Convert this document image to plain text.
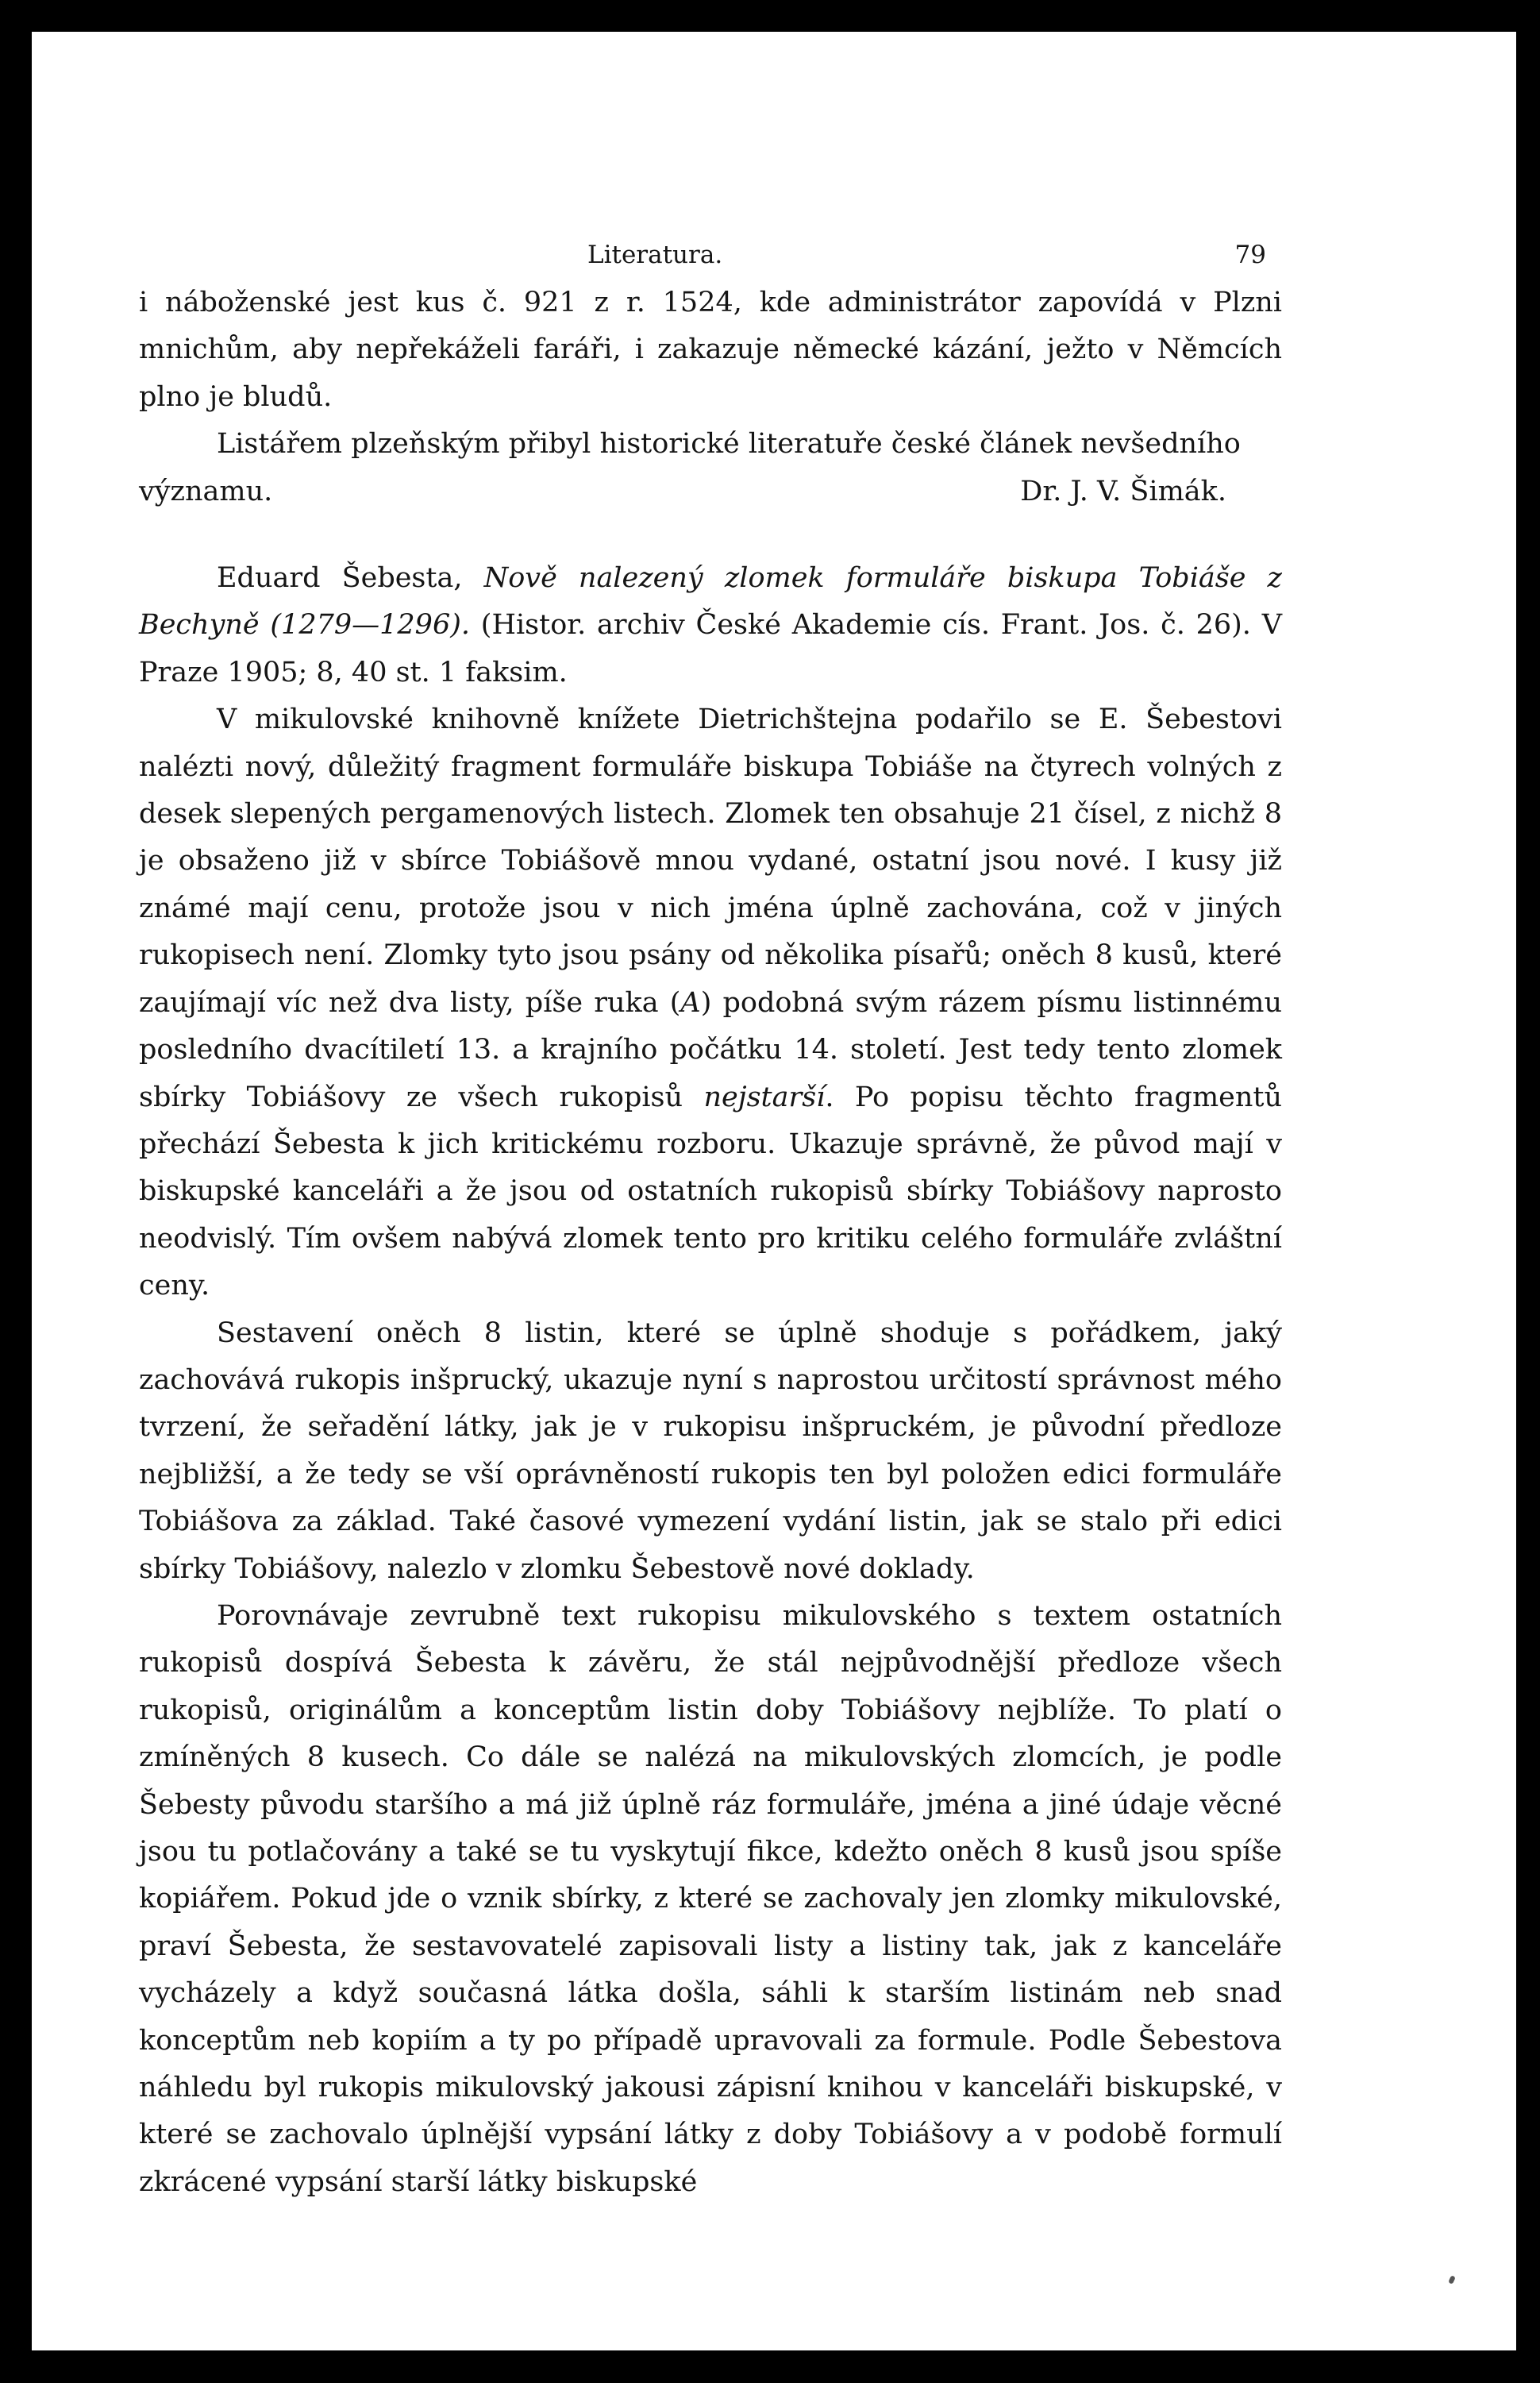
Literatura.	79

i náboženské jest kus č. 921 z r. 1524, kde administrátor zapovídá v Plzni mnichům, aby nepřekáželi faráři, i zakazuje německé kázání, ježto v Němcích plno je bludů.

Listářem plzeňským přibyl historické literatuře české článek nevšedního

významu.	Dr. J. V. Šimák.

Eduard Šebesta, Nově nalezený zlomek formuláře biskupa Tobiáše z Bechyně (1279—1296). (Histor. archiv České Akademie cís. Frant. Jos. č. 26). V Praze 1905; 8, 40 st. 1 faksim.

V mikulovské knihovně knížete Dietrichštejna podařilo se E. Šebestovi nalézti nový, důležitý fragment formuláře biskupa Tobiáše na čtyrech volných z desek slepených pergamenových listech. Zlomek ten obsahuje 21 čísel, z nichž 8 je obsaženo již v sbírce Tobiášově mnou vydané, ostatní jsou nové. I kusy již známé mají cenu, protože jsou v nich jména úplně zachována, což v jiných rukopisech není. Zlomky tyto jsou psány od několika písařů; oněch 8 kusů, které zaujímají víc než dva listy, píše ruka (A) podobná svým rázem písmu listinnému posledního dvacítiletí 13. a krajního počátku 14. století. Jest tedy tento zlomek sbírky Tobiášovy ze všech rukopisů nejstarší. Po popisu těchto fragmentů přechází Šebesta k jich kritickému rozboru. Ukazuje správně, že původ mají v biskupské kanceláři a že jsou od ostatních rukopisů sbírky Tobiášovy naprosto neodvislý. Tím ovšem nabývá zlomek tento pro kritiku celého formuláře zvláštní ceny.

Sestavení oněch 8 listin, které se úplně shoduje s pořádkem, jaký zachovává rukopis inšprucký, ukazuje nyní s naprostou určitostí správnost mého tvrzení, že seřadění látky, jak je v rukopisu inšpruckém, je původní předloze nejbližší, a že tedy se vší oprávněností rukopis ten byl položen edici formuláře Tobiášova za základ. Také časové vymezení vydání listin, jak se stalo při edici sbírky Tobiášovy, nalezlo v zlomku Šebestově nové doklady.

Porovnávaje zevrubně text rukopisu mikulovského s textem ostatních rukopisů dospívá Šebesta k závěru, že stál nejpůvodnější předloze všech rukopisů, originálům a konceptům listin doby Tobiášovy nejblíže. To platí o zmíněných 8 kusech. Co dále se nalézá na mikulovských zlomcích, je podle Šebesty původu staršího a má již úplně ráz formuláře, jména a jiné údaje věcné jsou tu potlačovány a také se tu vyskytují fikce, kdežto oněch 8 kusů jsou spíše kopiářem. Pokud jde o vznik sbírky, z které se zachovaly jen zlomky mikulovské, praví Šebesta, že sestavovatelé zapisovali listy a listiny tak, jak z kanceláře vycházely a když současná látka došla, sáhli k starším listinám neb snad konceptům neb kopiím a ty po případě upravovali za formule. Podle Šebestova náhledu byl rukopis mikulovský jakousi zápisní knihou v kanceláři biskupské, v které se zachovalo úplnější vypsání látky z doby Tobiášovy a v podobě formulí zkrácené vypsání starší látky biskupské
